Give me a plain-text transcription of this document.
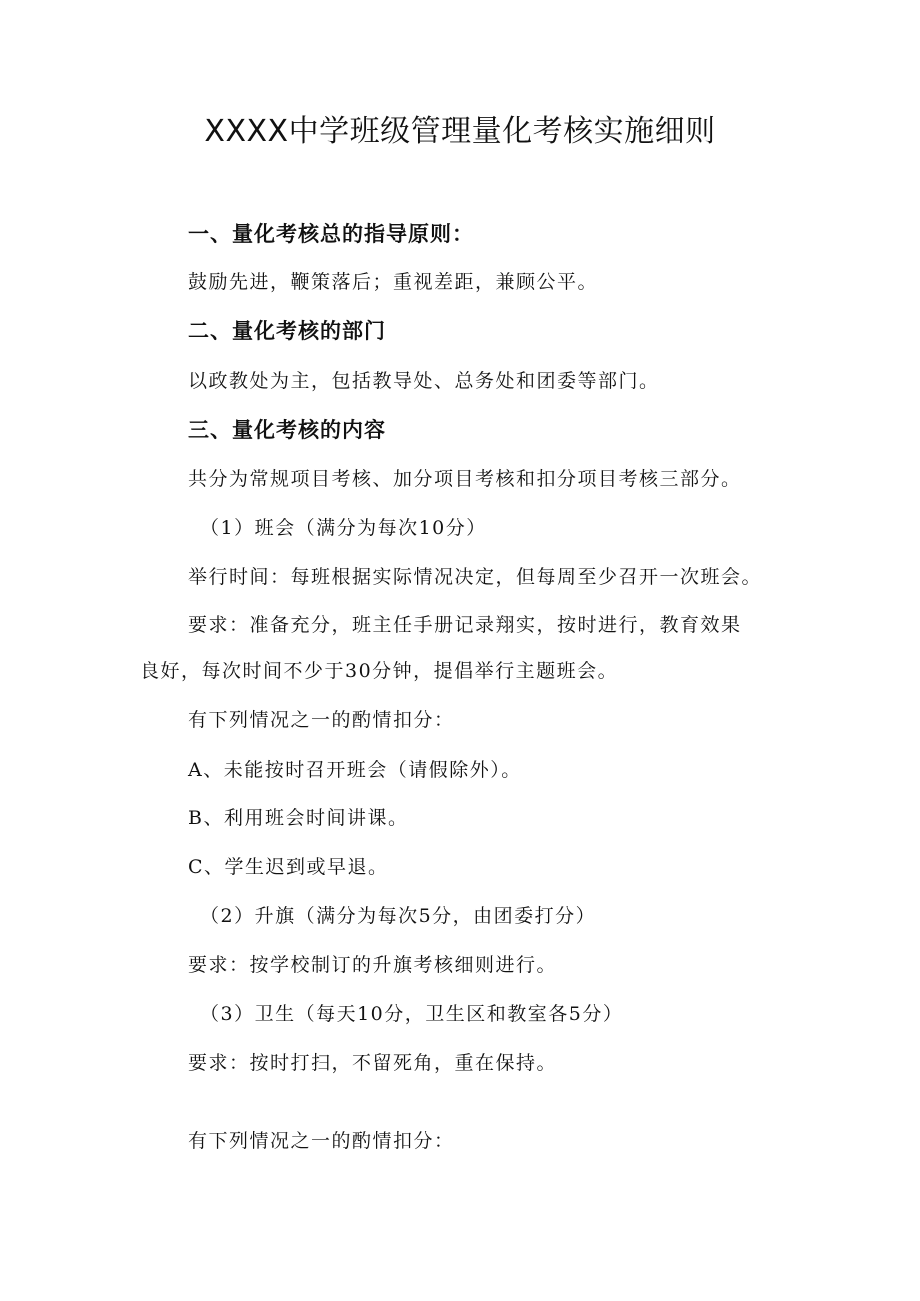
XXXX中学班级管理量化考核实施细则

一、量化考核总的指导原则：

鼓励先进，鞭策落后；重视差距，兼顾公平。

二、量化考核的部门

以政教处为主，包括教导处、总务处和团委等部门。

三、量化考核的内容

共分为常规项目考核、加分项目考核和扣分项目考核三部分。

（1）班会（满分为每次10分）

举行时间：每班根据实际情况决定，但每周至少召开一次班会。

要求：准备充分，班主任手册记录翔实，按时进行，教育效果

良好，每次时间不少于30分钟，提倡举行主题班会。

有下列情况之一的酌情扣分：

A、未能按时召开班会（请假除外）。

B、利用班会时间讲课。

C、学生迟到或早退。

（2）升旗（满分为每次5分，由团委打分）

要求：按学校制订的升旗考核细则进行。

（3）卫生（每天10分，卫生区和教室各5分）

要求：按时打扫，不留死角，重在保持。

有下列情况之一的酌情扣分：
